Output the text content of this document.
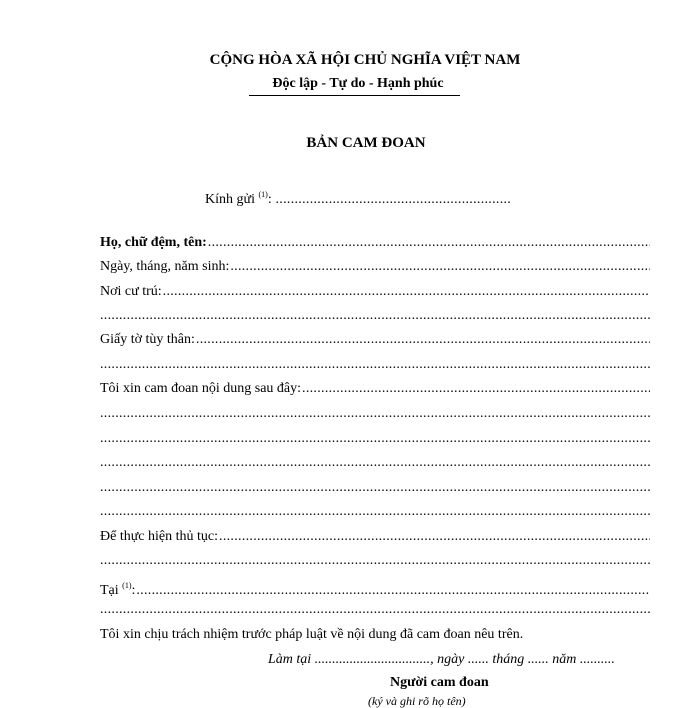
CỘNG HÒA XÃ HỘI CHỦ NGHĨA VIỆT NAM
Độc lập - Tự do - Hạnh phúc
BẢN CAM ĐOAN
Kính gửi $^{(1)}$: ..............................................................
Họ, chữ đệm, tên:
.....
Ngày, tháng, năm sinh:
.....
Nơi cư trú:
.....
.....
Giấy tờ tùy thân:
.....
.....
Tôi xin cam đoan nội dung sau đây:
.....
.....
.....
.....
.....
.....
Để thực hiện thủ tục:
.....
.....
Tại $^{(1)}$:
.....
.....
Tôi xin chịu trách nhiệm trước pháp luật về nội dung đã cam đoan nêu trên.
Làm tại ................................., ngày ...... tháng ...... năm ..........
Người cam đoan
(ký và ghi rõ họ tên)
